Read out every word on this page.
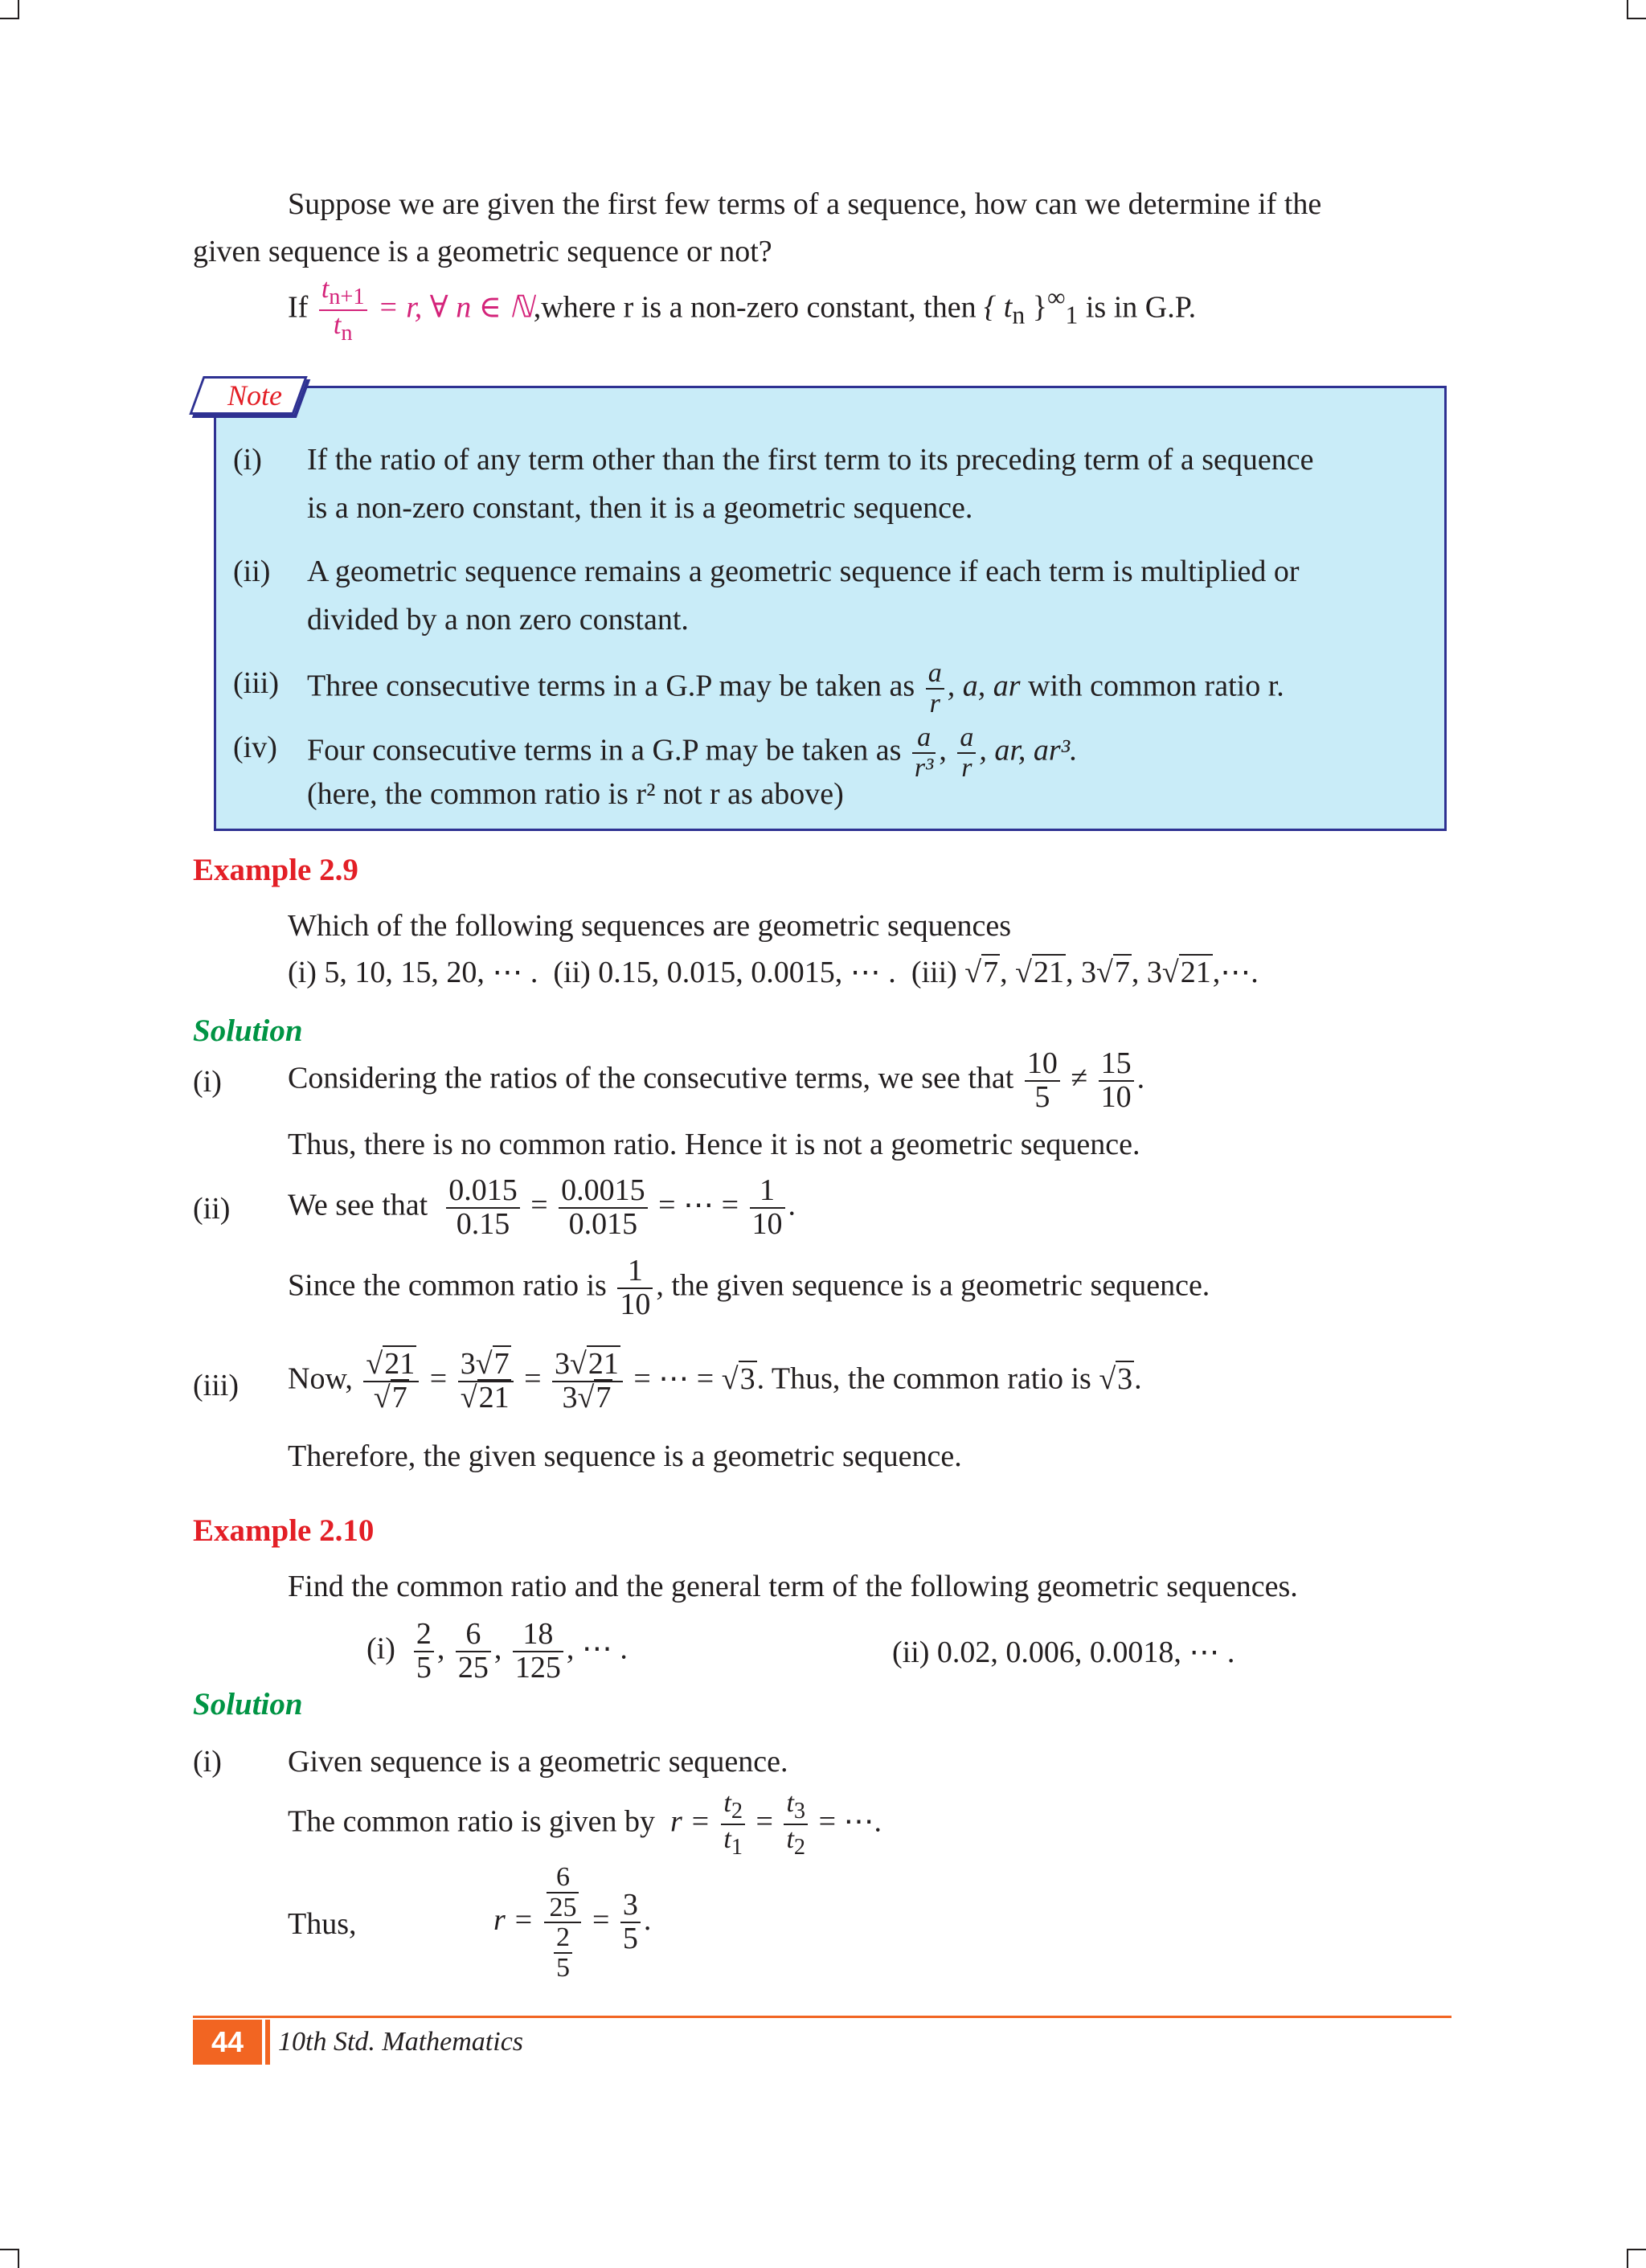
Suppose we are given the first few terms of a sequence, how can we determine if the
given sequence is a geometric sequence or not?
If $\frac{t_{n+1}}{t_n} = r$, ∀ n ∈ ℕ,where r is a non-zero constant, then { $t_n$ }$^\infty_1$ is in G.P.
Note
(i) If the ratio of any term other than the first term to its preceding term of a sequence
is a non-zero constant, then it is a geometric sequence.
(ii) A geometric sequence remains a geometric sequence if each term is multiplied or
divided by a non zero constant.
(iii) Three consecutive terms in a G.P may be taken as $\frac{a}{r}$ , a, ar with common ratio r.
(iv) Four consecutive terms in a G.P may be taken as $\frac{a}{\text{r³}}$ , $\frac{a}{r}$ , ar, ar³.
(here, the common ratio is r² not r as above)
Example 2.9
Which of the following sequences are geometric sequences
(i) 5, 10, 15, 20, ⋯ . (ii) 0.15, 0.015, 0.0015, ⋯ . (iii) √7, √21, 3√7, 3√21,⋯.
Solution
(i) Considering the ratios of the consecutive terms, we see that $\frac{10}{5} \ne \frac{15}{10}$ .
Thus, there is no common ratio. Hence it is not a geometric sequence.
(ii) We see that $\frac{0.015}{0.15} = \frac{0.0015}{0.015}$ = ⋯ = $\frac{1}{10}$ .
Since the common ratio is $\frac{1}{10}$ , the given sequence is a geometric sequence.
(iii) Now, $\frac{√21}{√7} = \frac{3√7}{√21} = \frac{3√21}{3√7}$ = ⋯ = √3. Thus, the common ratio is √3.
Therefore, the given sequence is a geometric sequence.
Example 2.10
Find the common ratio and the general term of the following geometric sequences.
$(i) \frac{2}{5}$ , $\frac{6}{25}$ , $\frac{18}{125}$ , ⋯ .	(ii) 0.02, 0.006, 0.0018, ⋯ .
Solution
(i) Given sequence is a geometric sequence.
The common ratio is given by $r = \frac{t_2}{t_1} = \frac{t_3}{t_2}$ = ⋯.
Thus,	$r = \frac{\frac{6}{25}}{\frac{2}{5}} = \frac{3}{5}$ .
44	10th Std. Mathematics
